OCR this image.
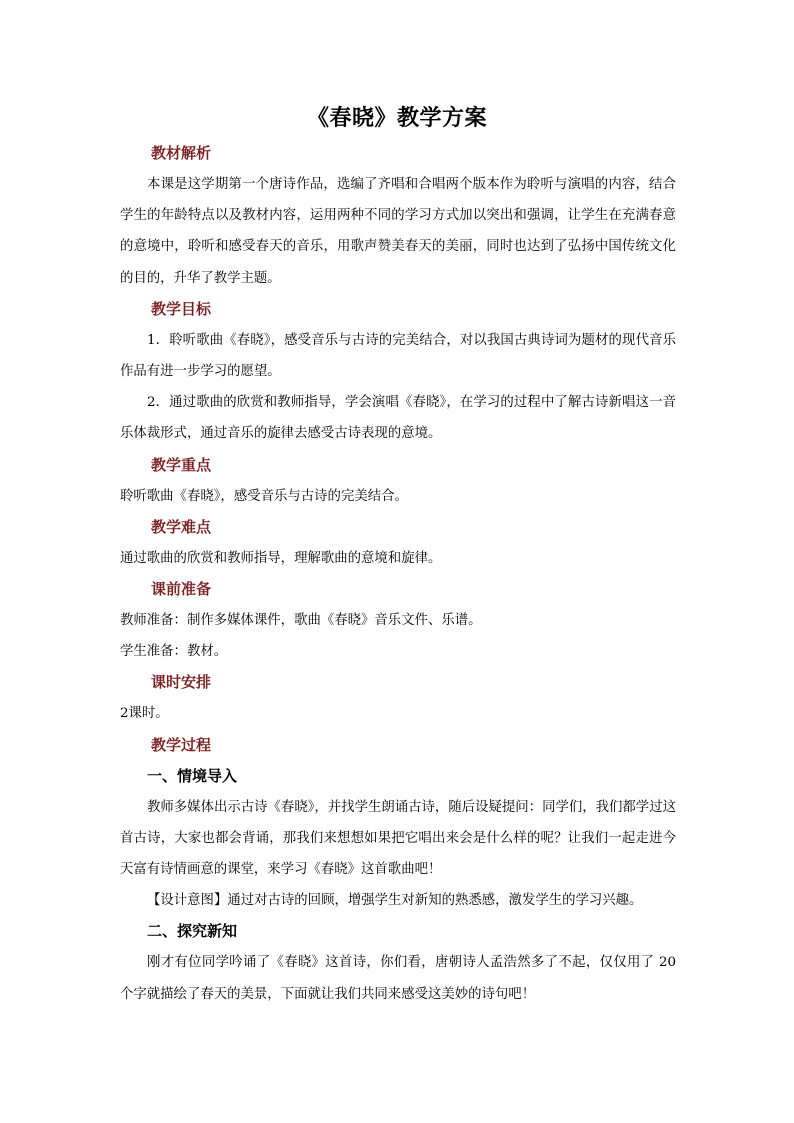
《春晓》教学方案
教材解析

本课是这学期第一个唐诗作品，选编了齐唱和合唱两个版本作为聆听与演唱的内容，结合学生的年龄特点以及教材内容，运用两种不同的学习方式加以突出和强调，让学生在充满春意的意境中，聆听和感受春天的音乐，用歌声赞美春天的美丽，同时也达到了弘扬中国传统文化的目的，升华了教学主题。

教学目标

1．聆听歌曲《春晓》，感受音乐与古诗的完美结合，对以我国古典诗词为题材的现代音乐作品有进一步学习的愿望。

2．通过歌曲的欣赏和教师指导，学会演唱《春晓》，在学习的过程中了解古诗新唱这一音乐体裁形式，通过音乐的旋律去感受古诗表现的意境。

教学重点

聆听歌曲《春晓》，感受音乐与古诗的完美结合。

教学难点

通过歌曲的欣赏和教师指导，理解歌曲的意境和旋律。

课前准备

教师准备：制作多媒体课件，歌曲《春晓》音乐文件、乐谱。

学生准备：教材。

课时安排

2课时。

教学过程
一、情境导入

教师多媒体出示古诗《春晓》，并找学生朗诵古诗，随后设疑提问：同学们，我们都学过这首古诗，大家也都会背诵，那我们来想想如果把它唱出来会是什么样的呢？让我们一起走进今天富有诗情画意的课堂，来学习《春晓》这首歌曲吧！

【设计意图】通过对古诗的回顾，增强学生对新知的熟悉感，激发学生的学习兴趣。

二、探究新知

刚才有位同学吟诵了《春晓》这首诗，你们看，唐朝诗人孟浩然多了不起，仅仅用了 20个字就描绘了春天的美景，下面就让我们共同来感受这美妙的诗句吧！
